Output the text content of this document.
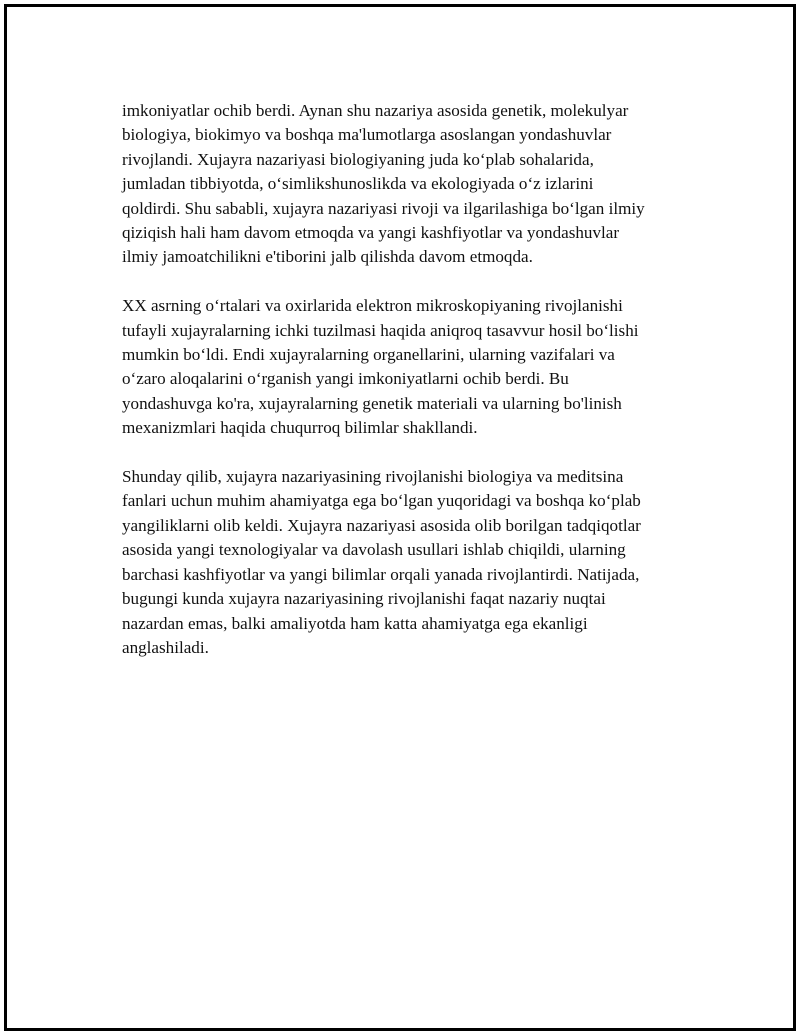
imkoniyatlar ochib berdi. Aynan shu nazariya asosida genetik, molekulyar
biologiya, biokimyo va boshqa ma'lumotlarga asoslangan yondashuvlar
rivojlandi. Xujayra nazariyasi biologiyaning juda koʻplab sohalarida,
jumladan tibbiyotda, oʻsimlikshunoslikda va ekologiyada oʻz izlarini
qoldirdi. Shu sababli, xujayra nazariyasi rivoji va ilgarilashiga boʻlgan ilmiy
qiziqish hali ham davom etmoqda va yangi kashfiyotlar va yondashuvlar
ilmiy jamoatchilikni e'tiborini jalb qilishda davom etmoqda.

XX asrning oʻrtalari va oxirlarida elektron mikroskopiyaning rivojlanishi
tufayli xujayralarning ichki tuzilmasi haqida aniqroq tasavvur hosil boʻlishi
mumkin boʻldi. Endi xujayralarning organellarini, ularning vazifalari va
oʻzaro aloqalarini oʻrganish yangi imkoniyatlarni ochib berdi. Bu
yondashuvga ko'ra, xujayralarning genetik materiali va ularning bo'linish
mexanizmlari haqida chuqurroq bilimlar shakllandi.

Shunday qilib, xujayra nazariyasining rivojlanishi biologiya va meditsina
fanlari uchun muhim ahamiyatga ega boʻlgan yuqoridagi va boshqa koʻplab
yangiliklarni olib keldi. Xujayra nazariyasi asosida olib borilgan tadqiqotlar
asosida yangi texnologiyalar va davolash usullari ishlab chiqildi, ularning
barchasi kashfiyotlar va yangi bilimlar orqali yanada rivojlantirdi. Natijada,
bugungi kunda xujayra nazariyasining rivojlanishi faqat nazariy nuqtai
nazardan emas, balki amaliyotda ham katta ahamiyatga ega ekanligi
anglashiladi.
